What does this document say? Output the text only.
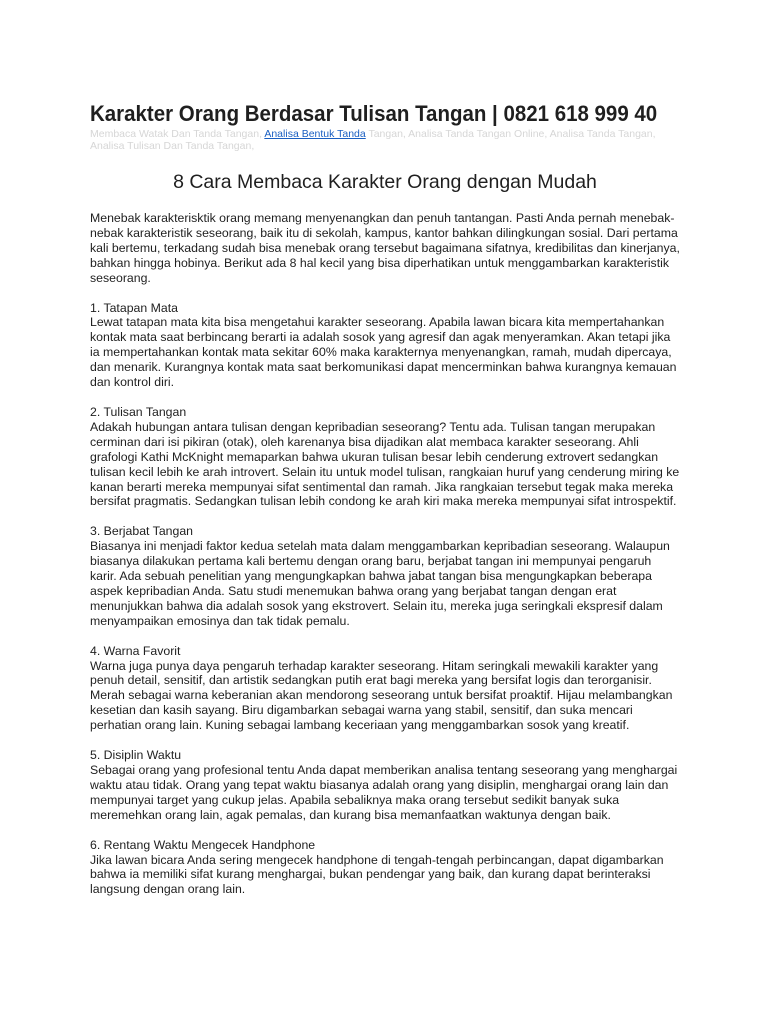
Karakter Orang Berdasar Tulisan Tangan | 0821 618 999 40
Membaca Watak Dan Tanda Tangan, Analisa Bentuk Tanda Tangan, Analisa Tanda Tangan Online, Analisa Tanda Tangan, Analisa Tulisan Dan Tanda Tangan,
8 Cara Membaca Karakter Orang dengan Mudah

Menebak karakterisktik orang memang menyenangkan dan penuh tantangan. Pasti Anda pernah menebak-nebak karakteristik seseorang, baik itu di sekolah, kampus, kantor bahkan dilingkungan sosial. Dari pertama kali bertemu, terkadang sudah bisa menebak orang tersebut bagaimana sifatnya, kredibilitas dan kinerjanya, bahkan hingga hobinya. Berikut ada 8 hal kecil yang bisa diperhatikan untuk menggambarkan karakteristik seseorang.

1. Tatapan Mata
Lewat tatapan mata kita bisa mengetahui karakter seseorang. Apabila lawan bicara kita mempertahankan kontak mata saat berbincang berarti ia adalah sosok yang agresif dan agak menyeramkan. Akan tetapi jika ia mempertahankan kontak mata sekitar 60% maka karakternya menyenangkan, ramah, mudah dipercaya, dan menarik. Kurangnya kontak mata saat berkomunikasi dapat mencerminkan bahwa kurangnya kemauan dan kontrol diri.

2. Tulisan Tangan
Adakah hubungan antara tulisan dengan kepribadian seseorang? Tentu ada. Tulisan tangan merupakan cerminan dari isi pikiran (otak), oleh karenanya bisa dijadikan alat membaca karakter seseorang. Ahli grafologi Kathi McKnight memaparkan bahwa ukuran tulisan besar lebih cenderung extrovert sedangkan tulisan kecil lebih ke arah introvert. Selain itu untuk model tulisan, rangkaian huruf yang cenderung miring ke kanan berarti mereka mempunyai sifat sentimental dan ramah. Jika rangkaian tersebut tegak maka mereka bersifat pragmatis. Sedangkan tulisan lebih condong ke arah kiri maka mereka mempunyai sifat introspektif.

3. Berjabat Tangan
Biasanya ini menjadi faktor kedua setelah mata dalam menggambarkan kepribadian seseorang. Walaupun biasanya dilakukan pertama kali bertemu dengan orang baru, berjabat tangan ini mempunyai pengaruh karir. Ada sebuah penelitian yang mengungkapkan bahwa jabat tangan bisa mengungkapkan beberapa aspek kepribadian Anda. Satu studi menemukan bahwa orang yang berjabat tangan dengan erat menunjukkan bahwa dia adalah sosok yang ekstrovert. Selain itu, mereka juga seringkali ekspresif dalam menyampaikan emosinya dan tak tidak pemalu.

4. Warna Favorit
Warna juga punya daya pengaruh terhadap karakter seseorang. Hitam seringkali mewakili karakter yang penuh detail, sensitif, dan artistik sedangkan putih erat bagi mereka yang bersifat logis dan terorganisir. Merah sebagai warna keberanian akan mendorong seseorang untuk bersifat proaktif. Hijau melambangkan kesetian dan kasih sayang. Biru digambarkan sebagai warna yang stabil, sensitif, dan suka mencari perhatian orang lain. Kuning sebagai lambang keceriaan yang menggambarkan sosok yang kreatif.

5. Disiplin Waktu
Sebagai orang yang profesional tentu Anda dapat memberikan analisa tentang seseorang yang menghargai waktu atau tidak. Orang yang tepat waktu biasanya adalah orang yang disiplin, menghargai orang lain dan mempunyai target yang cukup jelas. Apabila sebaliknya maka orang tersebut sedikit banyak suka meremehkan orang lain, agak pemalas, dan kurang bisa memanfaatkan waktunya dengan baik.

6. Rentang Waktu Mengecek Handphone
Jika lawan bicara Anda sering mengecek handphone di tengah-tengah perbincangan, dapat digambarkan bahwa ia memiliki sifat kurang menghargai, bukan pendengar yang baik, dan kurang dapat berinteraksi langsung dengan orang lain.
